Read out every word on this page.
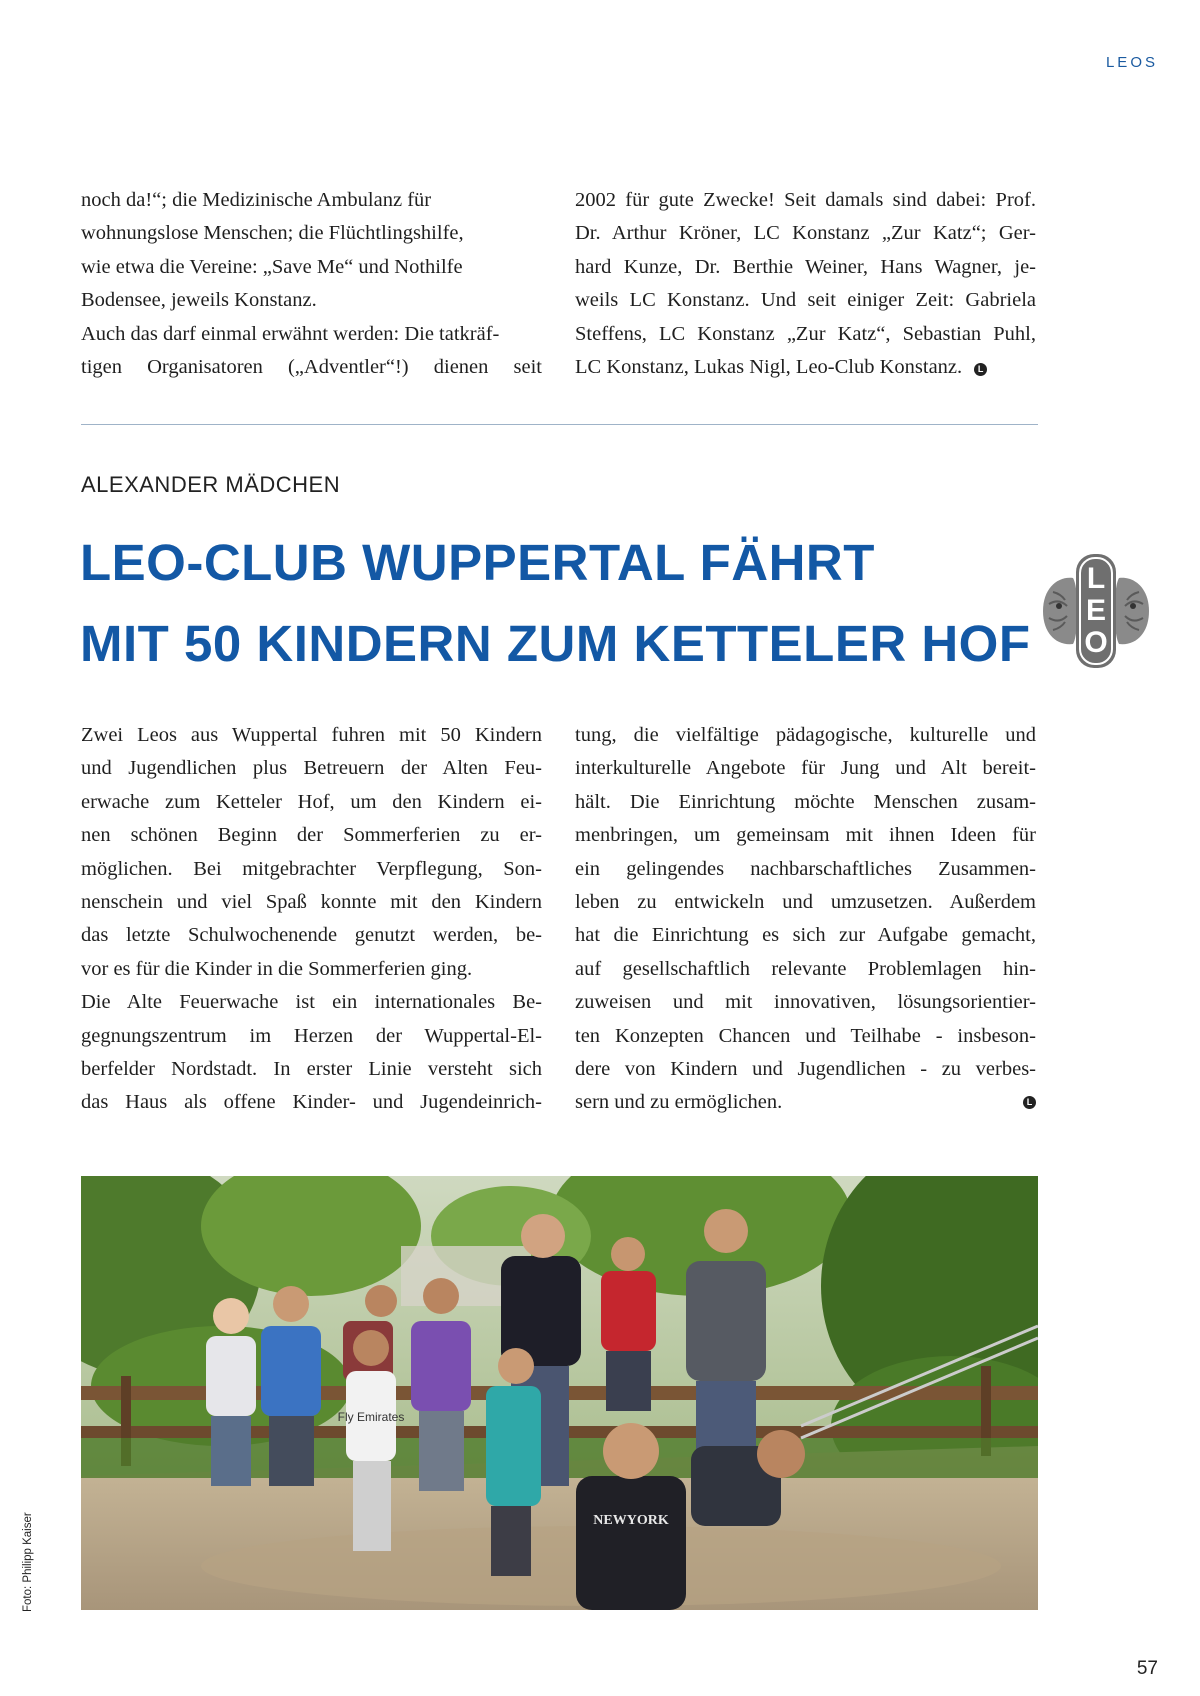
LEOS

noch da!“; die Medizinische Ambulanz für

wohnungslose Menschen; die Flüchtlingshilfe,

wie etwa die Vereine: „Save Me“ und Nothilfe

Bodensee, jeweils Konstanz.

Auch das darf einmal erwähnt werden: Die tatkräf-

tigen Organisatoren („Adventler“!) dienen seit

2002 für gute Zwecke! Seit damals sind dabei: Prof.

Dr. Arthur Kröner, LC Konstanz „Zur Katz“; Ger-

hard Kunze, Dr. Berthie Weiner, Hans Wagner, je-

weils LC Konstanz. Und seit einiger Zeit: Gabriela

Steffens, LC Konstanz „Zur Katz“, Sebastian Puhl,

LC Konstanz, Lukas Nigl, Leo-Club Konstanz. L

ALEXANDER MÄDCHEN
LEO-CLUB WUPPERTAL FÄHRT
MIT 50 KINDERN ZUM KETTELER HOF
L
E
O

Zwei Leos aus Wuppertal fuhren mit 50 Kindern

und Jugendlichen plus Betreuern der Alten Feu-

erwache zum Ketteler Hof, um den Kindern ei-

nen schönen Beginn der Sommerferien zu er-

möglichen. Bei mitgebrachter Verpflegung, Son-

nenschein und viel Spaß konnte mit den Kindern

das letzte Schulwochenende genutzt werden, be-

vor es für die Kinder in die Sommerferien ging.

Die Alte Feuerwache ist ein internationales Be-

gegnungszentrum im Herzen der Wuppertal-El-

berfelder Nordstadt. In erster Linie versteht sich

das Haus als offene Kinder- und Jugendeinrich-

tung, die vielfältige pädagogische, kulturelle und

interkulturelle Angebote für Jung und Alt bereit-

hält. Die Einrichtung möchte Menschen zusam-

menbringen, um gemeinsam mit ihnen Ideen für

ein gelingendes nachbarschaftliches Zusammen-

leben zu entwickeln und umzusetzen. Außerdem

hat die Einrichtung es sich zur Aufgabe gemacht,

auf gesellschaftlich relevante Problemlagen hin-

zuweisen und mit innovativen, lösungsorientier-

ten Konzepten Chancen und Teilhabe - insbeson-

dere von Kindern und Jugendlichen - zu verbes-

sern und zu ermöglichen.	L

NEWYORK
Fly Emirates
Foto: Philipp Kaiser
57
